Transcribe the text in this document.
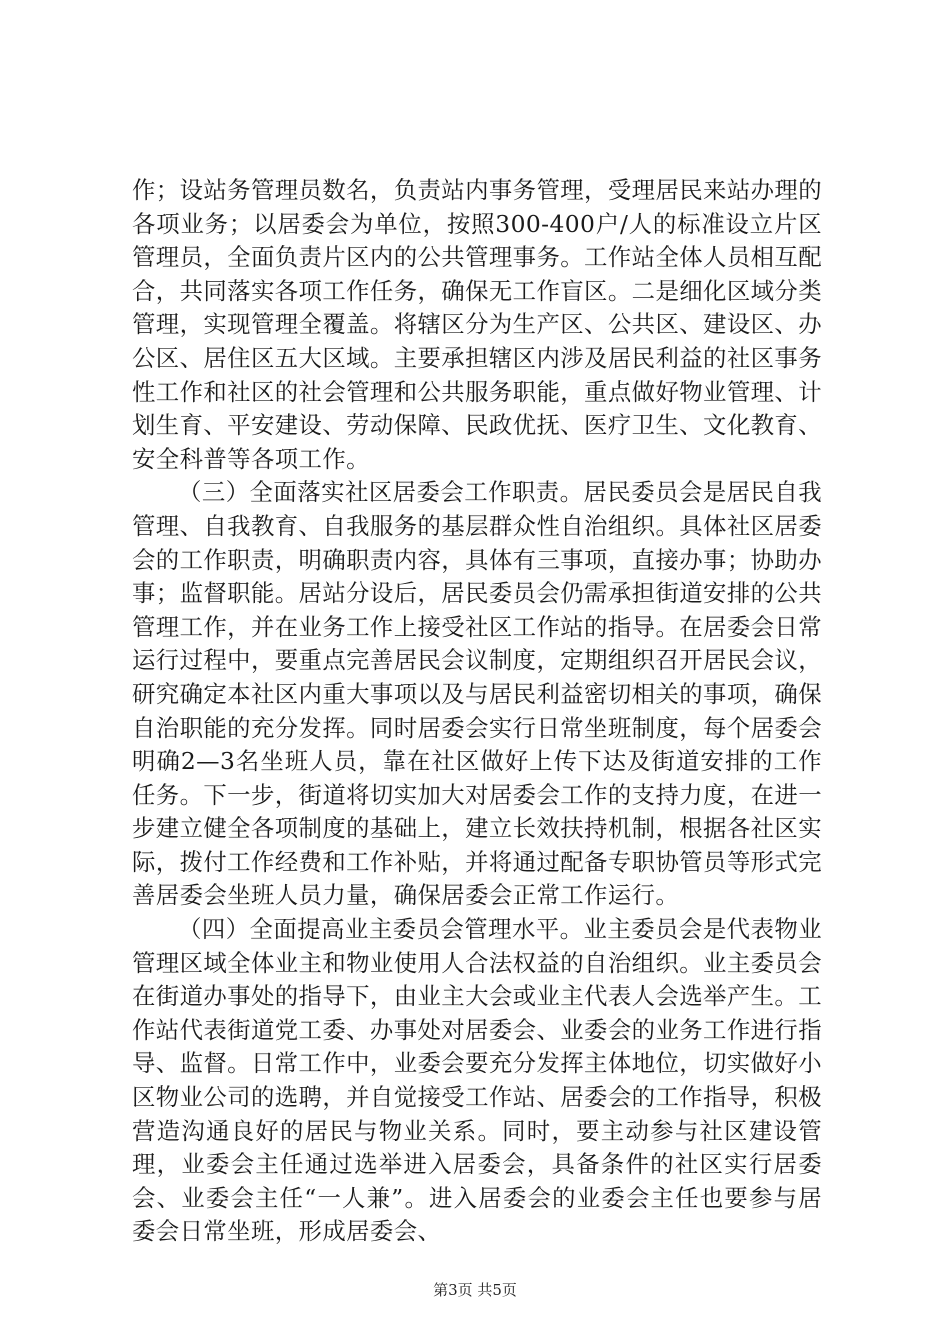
作；设站务管理员数名，负责站内事务管理，受理居民来站办理的各项业务；以居委会为单位，按照300-400户/人的标准设立片区管理员，全面负责片区内的公共管理事务。工作站全体人员相互配合，共同落实各项工作任务，确保无工作盲区。二是细化区域分类管理，实现管理全覆盖。将辖区分为生产区、公共区、建设区、办公区、居住区五大区域。主要承担辖区内涉及居民利益的社区事务性工作和社区的社会管理和公共服务职能，重点做好物业管理、计划生育、平安建设、劳动保障、民政优抚、医疗卫生、文化教育、安全科普等各项工作。

（三）全面落实社区居委会工作职责。居民委员会是居民自我管理、自我教育、自我服务的基层群众性自治组织。具体社区居委会的工作职责，明确职责内容，具体有三事项，直接办事；协助办事；监督职能。居站分设后，居民委员会仍需承担街道安排的公共管理工作，并在业务工作上接受社区工作站的指导。在居委会日常运行过程中，要重点完善居民会议制度，定期组织召开居民会议，研究确定本社区内重大事项以及与居民利益密切相关的事项，确保自治职能的充分发挥。同时居委会实行日常坐班制度，每个居委会明确2—3名坐班人员，靠在社区做好上传下达及街道安排的工作任务。下一步，街道将切实加大对居委会工作的支持力度，在进一步建立健全各项制度的基础上，建立长效扶持机制，根据各社区实际，拨付工作经费和工作补贴，并将通过配备专职协管员等形式完善居委会坐班人员力量，确保居委会正常工作运行。

（四）全面提高业主委员会管理水平。业主委员会是代表物业管理区域全体业主和物业使用人合法权益的自治组织。业主委员会在街道办事处的指导下，由业主大会或业主代表人会选举产生。工作站代表街道党工委、办事处对居委会、业委会的业务工作进行指导、监督。日常工作中，业委会要充分发挥主体地位，切实做好小区物业公司的选聘，并自觉接受工作站、居委会的工作指导，积极营造沟通良好的居民与物业关系。同时，要主动参与社区建设管理，业委会主任通过选举进入居委会，具备条件的社区实行居委会、业委会主任“一人兼”。进入居委会的业委会主任也要参与居委会日常坐班，形成居委会、

第3页 共5页
